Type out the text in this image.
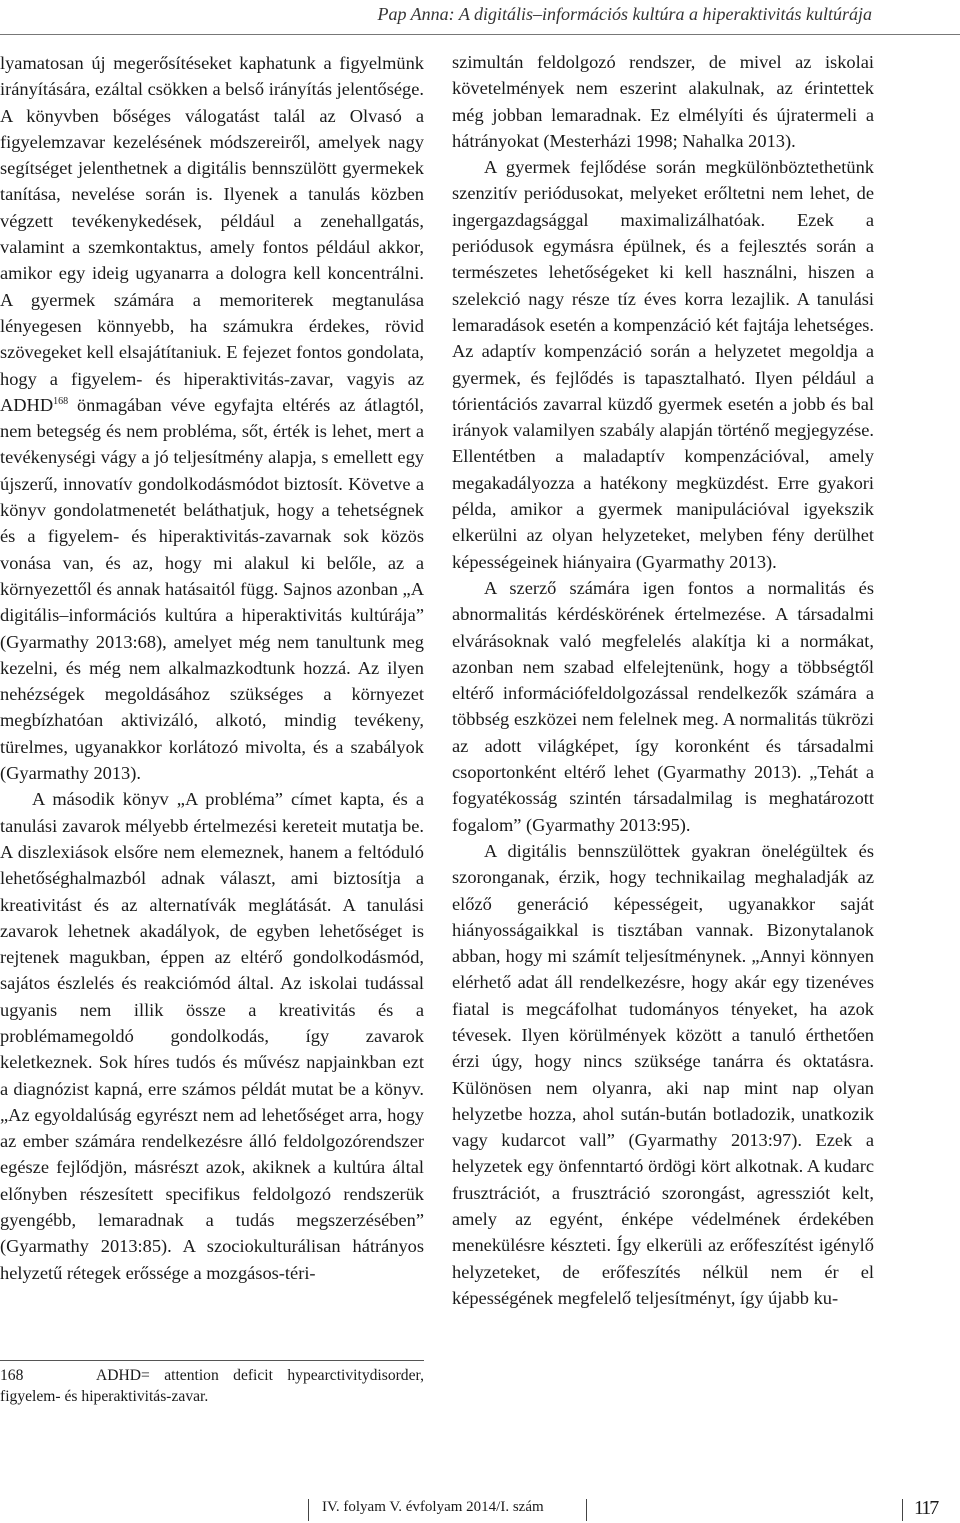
Pap Anna: A digitális–információs kultúra a hiperaktivitás kultúrája

lyamatosan új megerősítéseket kaphatunk a figyelmünk irányítására, ezáltal csökken a belső irányítás jelentősége. A könyvben bőséges válogatást talál az Olvasó a figyelemzavar kezelésének módszereiről, amelyek nagy segítséget jelenthetnek a digitális bennszülött gyermekek tanítása, nevelése során is. Ilyenek a tanulás közben végzett tevékenykedések, például a zenehallgatás, valamint a szemkontaktus, amely fontos például akkor, amikor egy ideig ugyanarra a dologra kell koncentrálni. A gyermek számára a memoriterek megtanulása lényegesen könnyebb, ha számukra érdekes, rövid szövegeket kell elsajátítaniuk. E fejezet fontos gondolata, hogy a figyelem- és hiperaktivitás-zavar, vagyis az ADHD$^{168}$ önmagában véve egyfajta eltérés az átlagtól, nem betegség és nem probléma, sőt, érték is lehet, mert a tevékenységi vágy a jó teljesítmény alapja, s emellett egy újszerű, innovatív gondolkodásmódot biztosít. Követve a könyv gondolatmenetét beláthatjuk, hogy a tehetségnek és a figyelem- és hiperaktivitás-zavarnak sok közös vonása van, és az, hogy mi alakul ki belőle, az a környezettől és annak hatásaitól függ. Sajnos azonban „A digitális–információs kultúra a hiperaktivitás kultúrája” (Gyarmathy 2013:68), amelyet még nem tanultunk meg kezelni, és még nem alkalmazkodtunk hozzá. Az ilyen nehézségek megoldásához szükséges a környezet megbízhatóan aktivizáló, alkotó, mindig tevékeny, türelmes, ugyanakkor korlátozó mivolta, és a szabályok (Gyarmathy 2013).

A második könyv „A probléma” címet kapta, és a tanulási zavarok mélyebb értelmezési kereteit mutatja be. A diszlexiások elsőre nem elemeznek, hanem a feltóduló lehetőséghalmazból adnak választ, ami biztosítja a kreativitást és az alternatívák meglátását. A tanulási zavarok lehetnek akadályok, de egyben lehetőséget is rejtenek magukban, éppen az eltérő gondolkodásmód, sajátos észlelés és reakciómód által. Az iskolai tudással ugyanis nem illik össze a kreativitás és a problémamegoldó gondolkodás, így zavarok keletkeznek. Sok híres tudós és művész napjainkban ezt a diagnózist kapná, erre számos példát mutat be a könyv. „Az egyoldalúság egyrészt nem ad lehetőséget arra, hogy az ember számára rendelkezésre álló feldolgozórendszer egésze fejlődjön, másrészt azok, akiknek a kultúra által előnyben részesített specifikus feldolgozó rendszerük gyengébb, lemaradnak a tudás megszerzésében” (Gyarmathy 2013:85). A szociokulturálisan hátrányos helyzetű rétegek erőssége a mozgásos-téri-

szimultán feldolgozó rendszer, de mivel az iskolai követelmények nem eszerint alakulnak, az érintettek még jobban lemaradnak. Ez elmélyíti és újratermeli a hátrányokat (Mesterházi 1998; Nahalka 2013).

A gyermek fejlődése során megkülönböztethetünk szenzitív periódusokat, melyeket erőltetni nem lehet, de ingergazdagsággal maximalizálhatóak. Ezek a periódusok egymásra épülnek, és a fejlesztés során a természetes lehetőségeket ki kell használni, hiszen a szelekció nagy része tíz éves korra lezajlik. A tanulási lemaradások esetén a kompenzáció két fajtája lehetséges. Az adaptív kompenzáció során a helyzetet megoldja a gyermek, és fejlődés is tapasztalható. Ilyen például a tórientációs zavarral küzdő gyermek esetén a jobb és bal irányok valamilyen szabály alapján történő megjegyzése. Ellentétben a maladaptív kompenzációval, amely megakadályozza a hatékony megküzdést. Erre gyakori példa, amikor a gyermek manipulációval igyekszik elkerülni az olyan helyzeteket, melyben fény derülhet képességeinek hiányaira (Gyarmathy 2013).

A szerző számára igen fontos a normalitás és abnormalitás kérdéskörének értelmezése. A társadalmi elvárásoknak való megfelelés alakítja ki a normákat, azonban nem szabad elfelejtenünk, hogy a többségtől eltérő információfeldolgozással rendelkezők számára a többség eszközei nem felelnek meg. A normalitás tükrözi az adott világképet, így koronként és társadalmi csoportonként eltérő lehet (Gyarmathy 2013). „Tehát a fogyatékosság szintén társadalmilag is meghatározott fogalom” (Gyarmathy 2013:95).

A digitális bennszülöttek gyakran önelégültek és szoronganak, érzik, hogy technikailag meghaladják az előző generáció képességeit, ugyanakkor saját hiányosságaikkal is tisztában vannak. Bizonytalanok abban, hogy mi számít teljesítménynek. „Annyi könnyen elérhető adat áll rendelkezésre, hogy akár egy tizenéves fiatal is megcáfolhat tudományos tényeket, ha azok tévesek. Ilyen körülmények között a tanuló érthetően érzi úgy, hogy nincs szüksége tanárra és oktatásra. Különösen nem olyanra, aki nap mint nap olyan helyzetbe hozza, ahol sután-bután botladozik, unatkozik vagy kudarcot vall” (Gyarmathy 2013:97). Ezek a helyzetek egy önfenntartó ördögi kört alkotnak. A kudarc frusztrációt, a frusztráció szorongást, agressziót kelt, amely az egyént, énképe védelmének érdekében menekülésre készteti. Így elkerüli az erőfeszítést igénylő helyzeteket, de erőfeszítés nélkül nem ér el képességének megfelelő teljesítményt, így újabb ku-

168	ADHD= attention deficit hypearctivitydisorder, figyelem- és hiperaktivitás-zavar.
IV. folyam V. évfolyam 2014/I. szám	117
